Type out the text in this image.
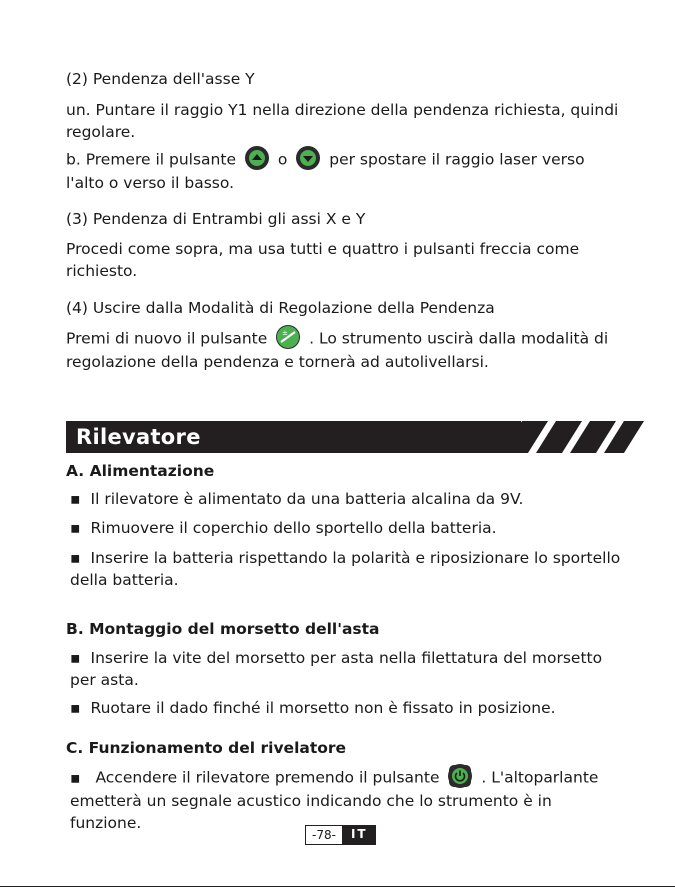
(2) Pendenza dell'asse Y
un. Puntare il raggio Y1 nella direzione della pendenza richiesta, quindi regolare.
b. Premere il pulsante	o	per spostare il raggio laser verso l'alto o verso il basso.
(3) Pendenza di Entrambi gli assi X e Y
Procedi come sopra, ma usa tutti e quattro i pulsanti freccia come richiesto.
(4) Uscire dalla Modalità di Regolazione della Pendenza
Premi di nuovo il pulsante ± . Lo strumento uscirà dalla modalità di regolazione della pendenza e tornerà ad autolivellarsi.
Rilevatore
A. Alimentazione
▪ Il rilevatore è alimentato da una batteria alcalina da 9V.
▪ Rimuovere il coperchio dello sportello della batteria.
▪ Inserire la batteria rispettando la polarità e riposizionare lo sportello della batteria.
B. Montaggio del morsetto dell'asta
▪ Inserire la vite del morsetto per asta nella filettatura del morsetto per asta.
▪ Ruotare il dado finché il morsetto non è fissato in posizione.
C. Funzionamento del rivelatore
▪ Accendere il rilevatore premendo il pulsante	. L'altoparlante emetterà un segnale acustico indicando che lo strumento è in funzione.
-78-	IT
